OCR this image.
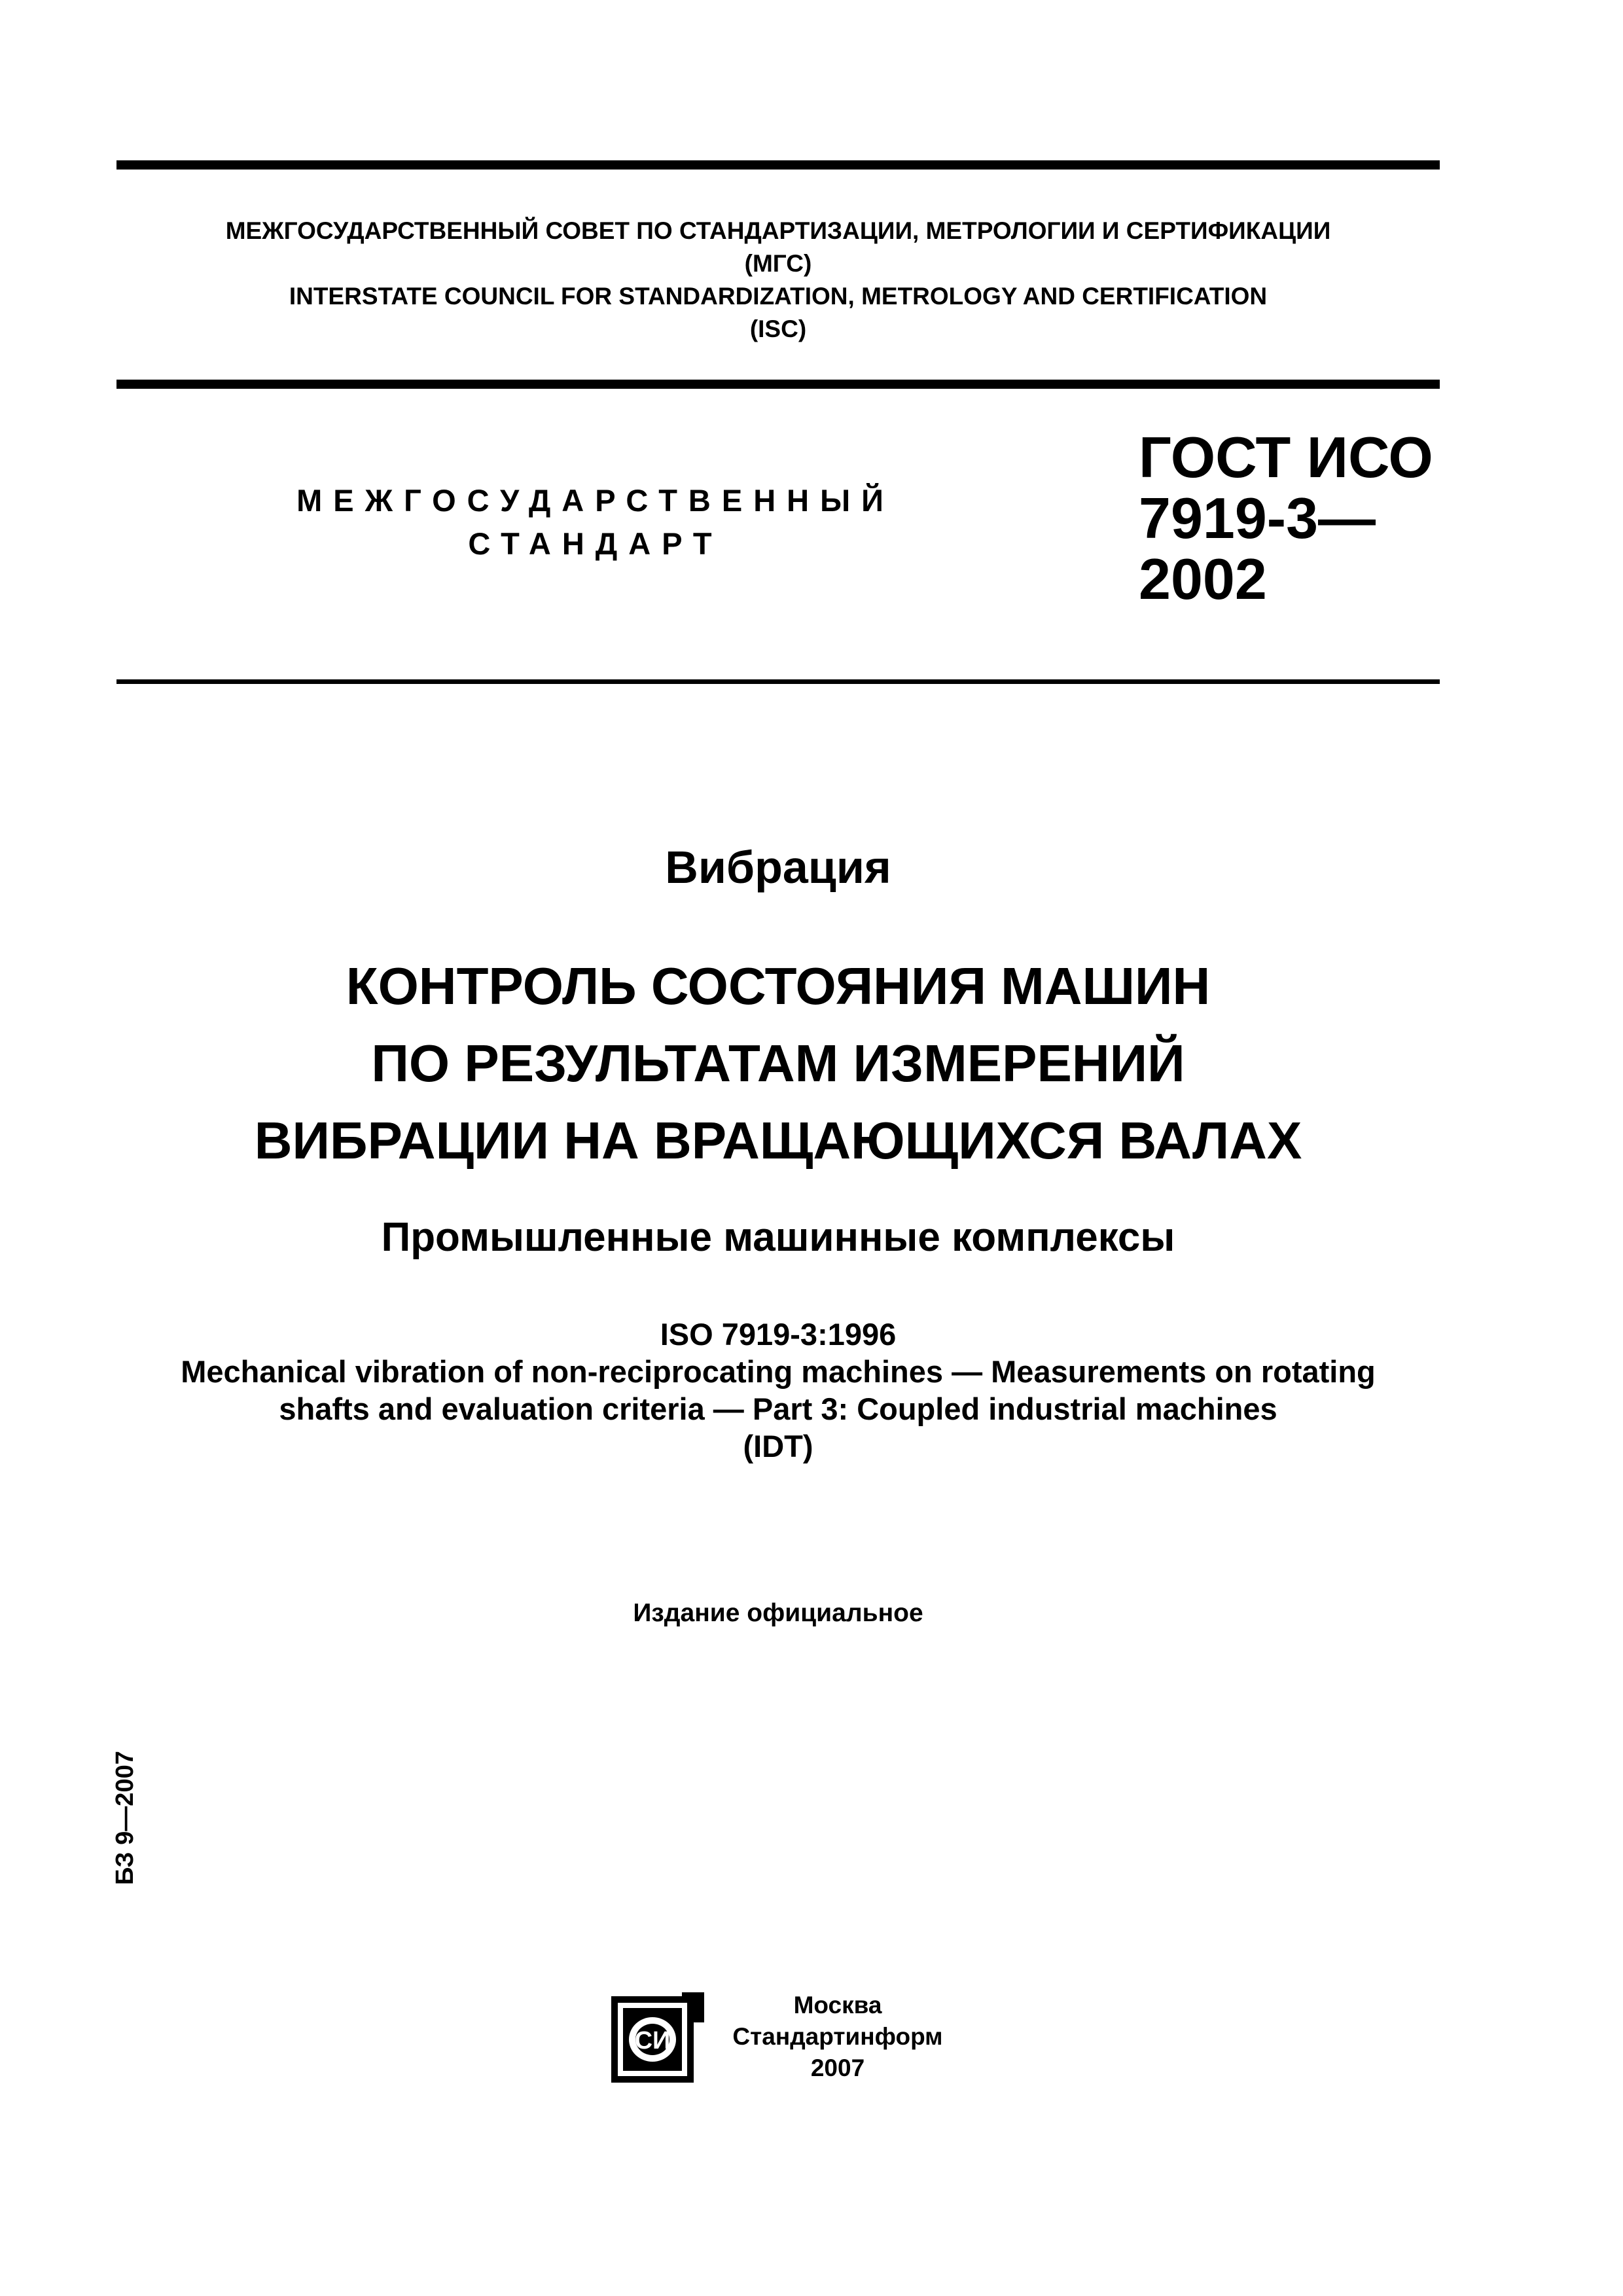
МЕЖГОСУДАРСТВЕННЫЙ СОВЕТ ПО СТАНДАРТИЗАЦИИ, МЕТРОЛОГИИ И СЕРТИФИКАЦИИ
(МГС)
INTERSTATE COUNCIL FOR STANDARDIZATION, METROLOGY AND CERTIFICATION
(ISC)
МЕЖГОСУДАРСТВЕННЫЙ
СТАНДАРТ
ГОСТ ИСО
7919-3—
2002
Вибрация
КОНТРОЛЬ СОСТОЯНИЯ МАШИН
ПО РЕЗУЛЬТАТАМ ИЗМЕРЕНИЙ
ВИБРАЦИИ НА ВРАЩАЮЩИХСЯ ВАЛАХ
Промышленные машинные комплексы
ISO 7919-3:1996
Mechanical vibration of non-reciprocating machines — Measurements on rotating
shafts and evaluation criteria — Part 3: Coupled industrial machines
(IDT)
Издание официальное
БЗ 9—2007
СИ
Москва
Стандартинформ
2007
